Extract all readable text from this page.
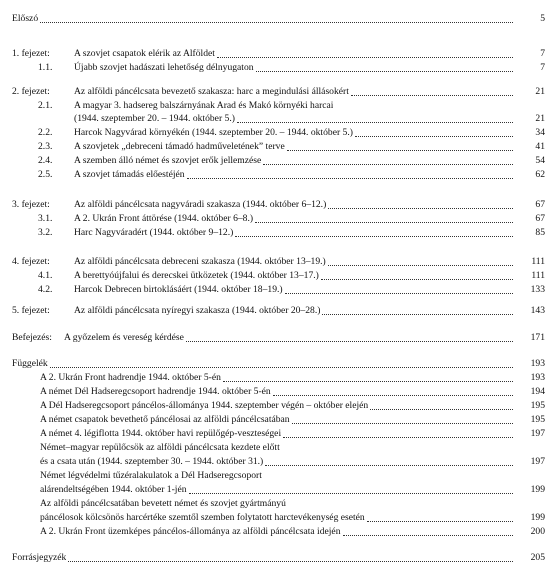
Előszó	5
1. fejezet:	A szovjet csapatok elérik az Alföldet	7
1.1. Újabb szovjet hadászati lehetőség délnyugaton	7
2. fejezet:	Az alföldi páncélcsata bevezető szakasza: harc a megindulási állásokért	21
2.1. A magyar 3. hadsereg balszárnyának Arad és Makó környéki harcai
(1944. szeptember 20. – 1944. október 5.)	21
2.2. Harcok Nagyvárad környékén (1944. szeptember 20. – 1944. október 5.)	34
2.3. A szovjetek „debreceni támadó hadműveletének” terve	41
2.4. A szemben álló német és szovjet erők jellemzése	54
2.5. A szovjet támadás előestéjén	62
3. fejezet:	Az alföldi páncélcsata nagyváradi szakasza (1944. október 6–12.)	67
3.1. A 2. Ukrán Front áttörése (1944. október 6–8.)	67
3.2. Harc Nagyváradért (1944. október 9–12.)	85
4. fejezet:	Az alföldi páncélcsata debreceni szakasza (1944. október 13–19.)	111
4.1. A berettyóújfalui és derecskei ütközetek (1944. október 13–17.)	111
4.2. Harcok Debrecen birtoklásáért (1944. október 18–19.)	133
5. fejezet:	Az alföldi páncélcsata nyíregyi szakasza (1944. október 20–28.)	143
Befejezés: A győzelem és vereség kérdése	171
Függelék	193
A 2. Ukrán Front hadrendje 1944. október 5-én	193
A német Dél Hadseregcsoport hadrendje 1944. október 5-én	194
A Dél Hadseregcsoport páncélos-állománya 1944. szeptember végén – október elején	195
A német csapatok bevethető páncélosai az alföldi páncélcsatában	195
A német 4. légiflotta 1944. október havi repülőgép-veszteségei	197
Német–magyar repülőcsök az alföldi páncélcsata kezdete előtt
és a csata után (1944. szeptember 30. – 1944. október 31.)	197
Német légvédelmi tűzéralakulatok a Dél Hadseregcsoport
alárendeltségében 1944. október 1-jén	199
Az alföldi páncélcsatában bevetett német és szovjet gyártmányú
páncélosok kölcsönös harcértéke szemtől szemben folytatott harctevékenység esetén	199
A 2. Ukrán Front üzemképes páncélos-állománya az alföldi páncélcsata idején	200
Forrásjegyzék	205
